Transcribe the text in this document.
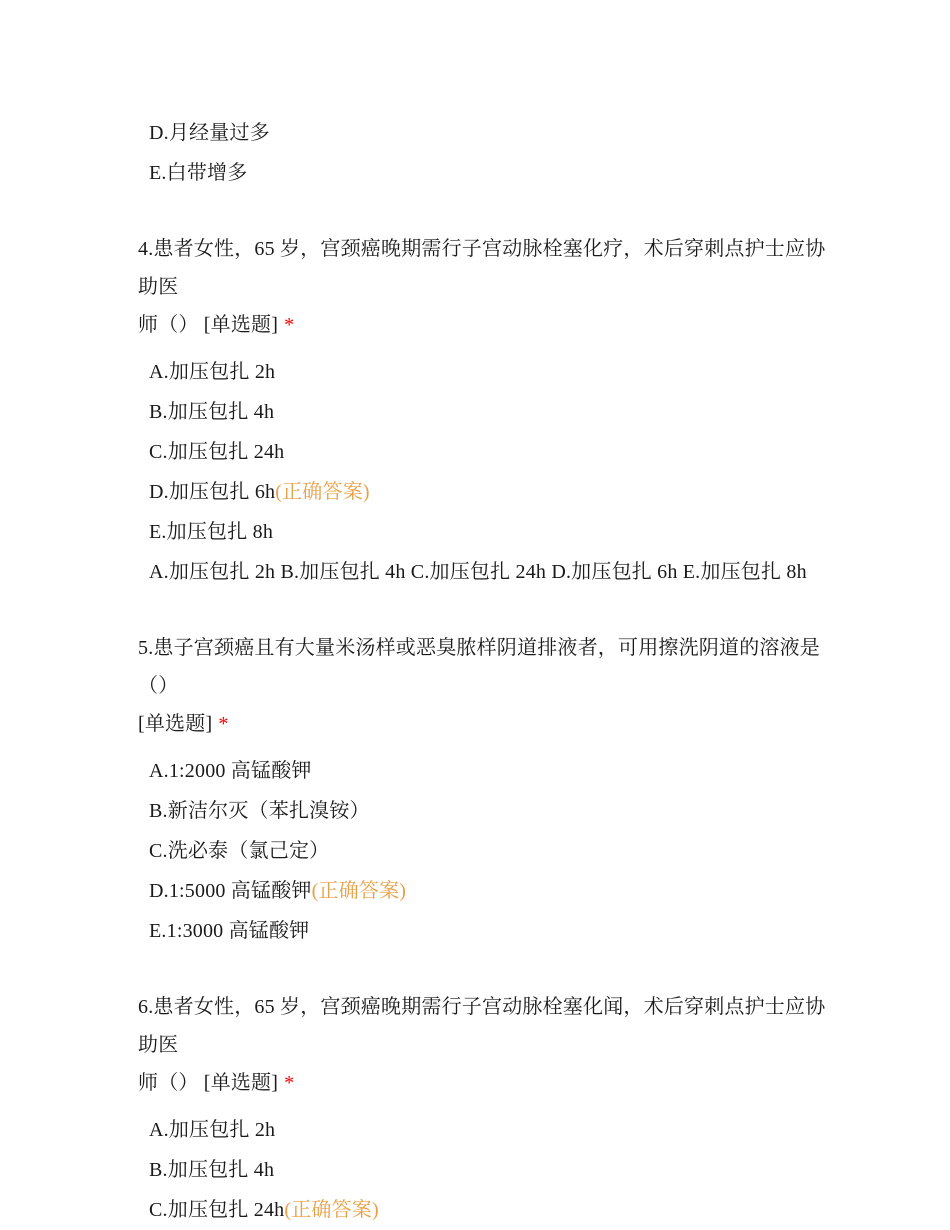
D.月经量过多

E.白带增多

4.患者女性，65 岁，宫颈癌晚期需行子宫动脉栓塞化疗，术后穿刺点护士应协助医
师（） [单选题] *

A.加压包扎 2h

B.加压包扎 4h

C.加压包扎 24h

D.加压包扎 6h(正确答案)

E.加压包扎 8h

A.加压包扎 2h B.加压包扎 4h C.加压包扎 24h D.加压包扎 6h E.加压包扎 8h

5.患子宫颈癌且有大量米汤样或恶臭脓样阴道排液者，可用擦洗阴道的溶液是（）
[单选题] *

A.1:2000 高锰酸钾

B.新洁尔灭（苯扎溴铵）

C.洗必泰（氯己定）

D.1:5000 高锰酸钾(正确答案)

E.1:3000 高锰酸钾

6.患者女性，65 岁，宫颈癌晚期需行子宫动脉栓塞化闻，术后穿刺点护士应协助医
师（） [单选题] *

A.加压包扎 2h

B.加压包扎 4h

C.加压包扎 24h(正确答案)
